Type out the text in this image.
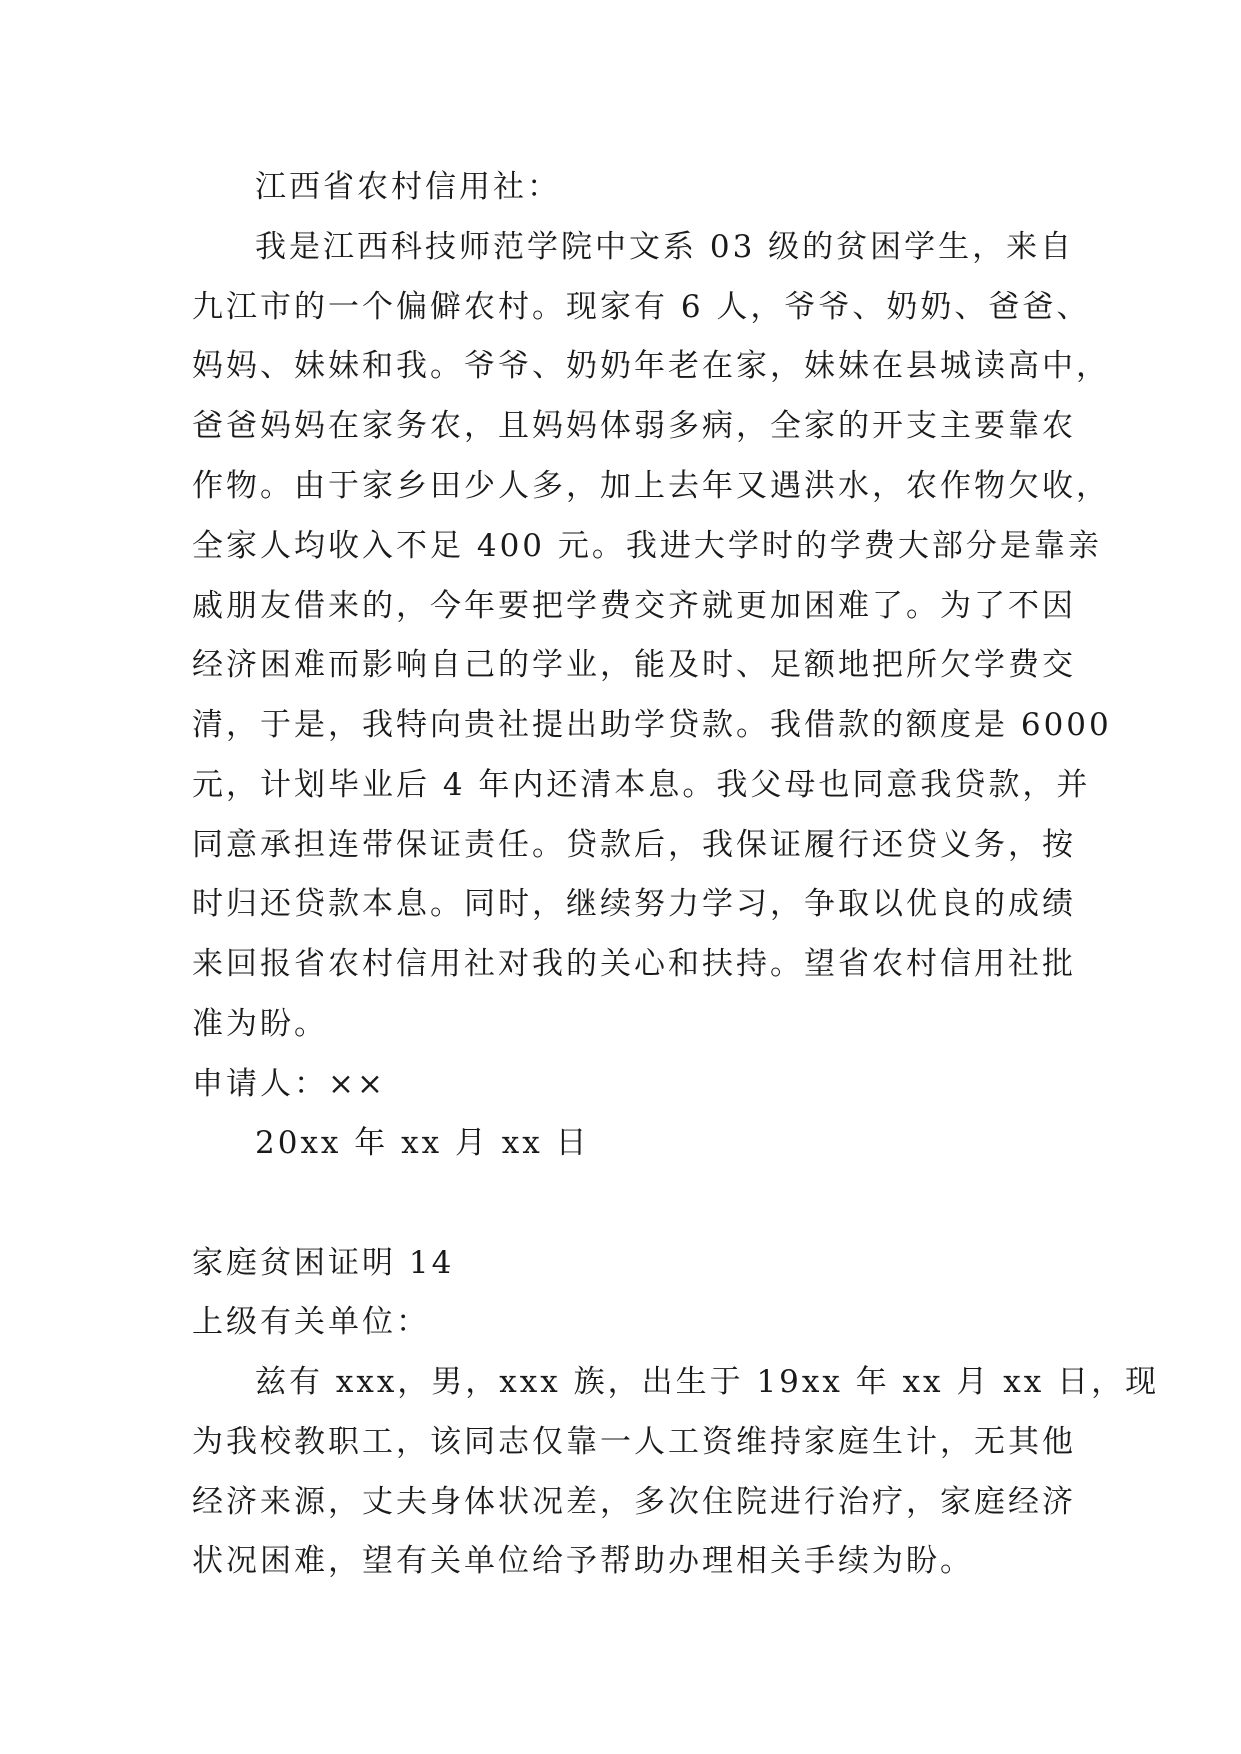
江西省农村信用社：
我是江西科技师范学院中文系 03 级的贫困学生，来自
九江市的一个偏僻农村。现家有 6 人，爷爷、奶奶、爸爸、
妈妈、妹妹和我。爷爷、奶奶年老在家，妹妹在县城读高中，
爸爸妈妈在家务农，且妈妈体弱多病，全家的开支主要靠农
作物。由于家乡田少人多，加上去年又遇洪水，农作物欠收，
全家人均收入不足 400 元。我进大学时的学费大部分是靠亲
戚朋友借来的，今年要把学费交齐就更加困难了。为了不因
经济困难而影响自己的学业，能及时、足额地把所欠学费交
清，于是，我特向贵社提出助学贷款。我借款的额度是 6000
元，计划毕业后 4 年内还清本息。我父母也同意我贷款，并
同意承担连带保证责任。贷款后，我保证履行还贷义务，按
时归还贷款本息。同时，继续努力学习，争取以优良的成绩
来回报省农村信用社对我的关心和扶持。望省农村信用社批
准为盼。
申请人：××
20xx 年 xx 月 xx 日
家庭贫困证明 14
上级有关单位：
兹有 xxx，男，xxx 族，出生于 19xx 年 xx 月 xx 日，现
为我校教职工，该同志仅靠一人工资维持家庭生计，无其他
经济来源，丈夫身体状况差，多次住院进行治疗，家庭经济
状况困难，望有关单位给予帮助办理相关手续为盼。
